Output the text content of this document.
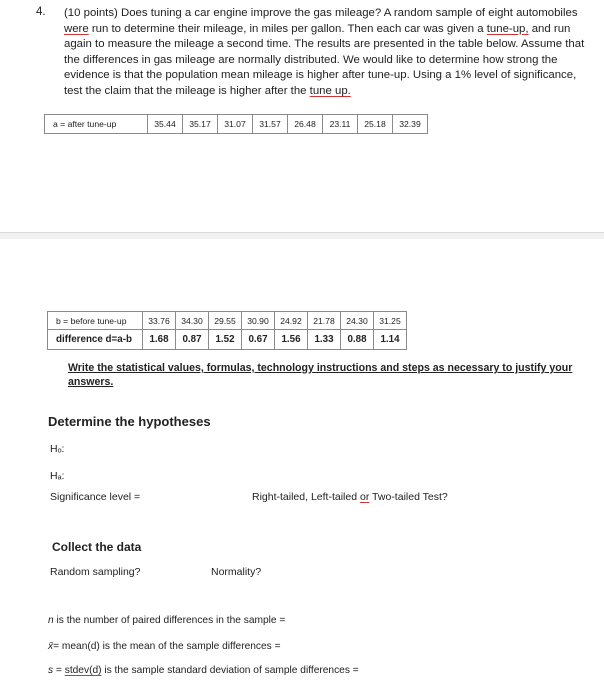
4. (10 points) Does tuning a car engine improve the gas mileage? A random sample of eight automobiles were run to determine their mileage, in miles per gallon. Then each car was given a tune-up, and run again to measure the mileage a second time. The results are presented in the table below. Assume that the differences in gas mileage are normally distributed. We would like to determine how strong the evidence is that the population mean mileage is higher after tune-up. Using a 1% level of significance, test the claim that the mileage is higher after the tune up.
a = after tune-up	35.44	35.17	31.07	31.57	26.48	23.11	25.18	32.39
b = before tune-up	33.76	34.30	29.55	30.90	24.92	21.78	24.30	31.25
difference d=a-b	1.68	0.87	1.52	0.67	1.56	1.33	0.88	1.14
Write the statistical values, formulas, technology instructions and steps as necessary to justify your answers.
Determine the hypotheses
Hₒ:
Hₐ:
Significance level =	Right-tailed, Left-tailed or Two-tailed Test?
Collect the data
Random sampling?	Normality?
n is the number of paired differences in the sample =
x̄= mean(d) is the mean of the sample differences =
s = stdev(d) is the sample standard deviation of sample differences =
